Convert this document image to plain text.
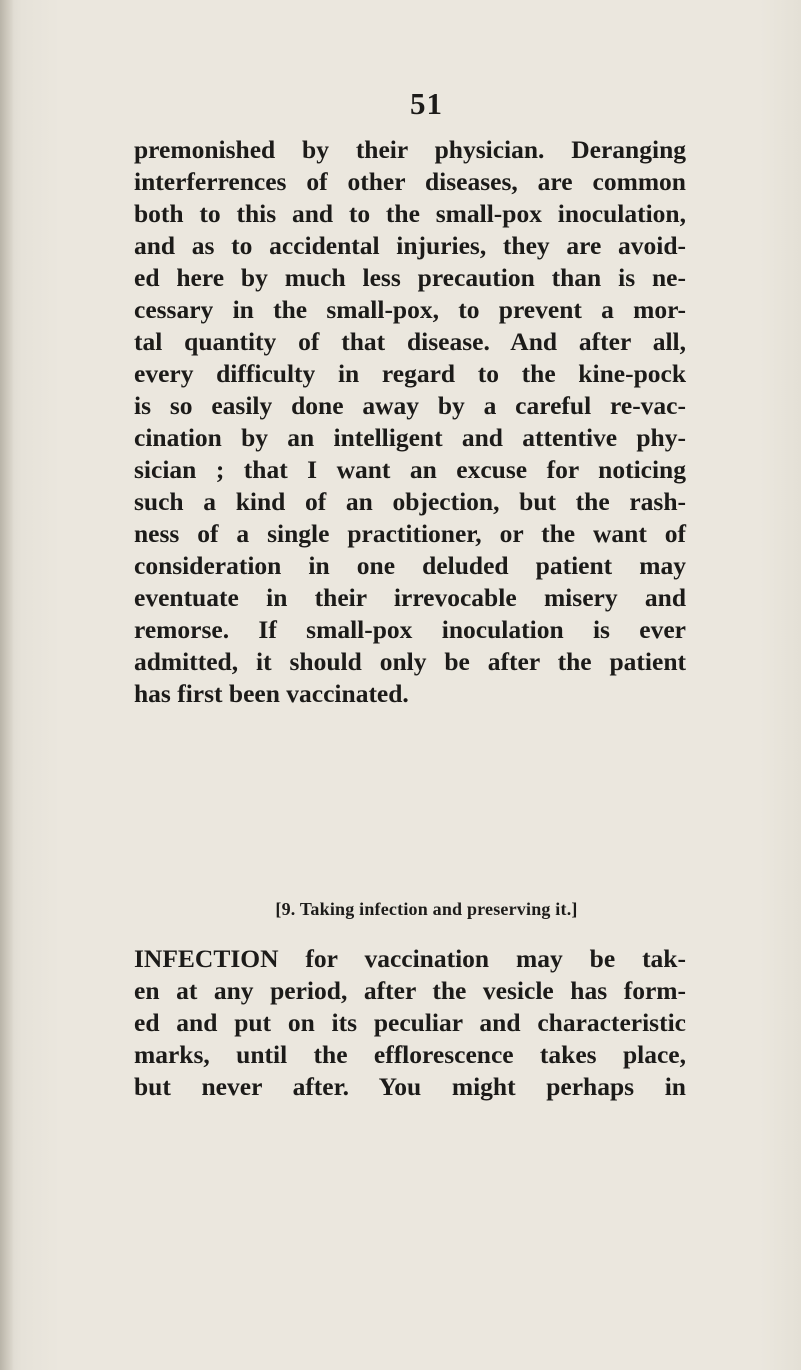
51
premonished by their physician. Deranging
interferrences of other diseases, are common
both to this and to the small-pox inoculation,
and as to accidental injuries, they are avoid-
ed here by much less precaution than is ne-
cessary in the small-pox, to prevent a mor-
tal quantity of that disease. And after all,
every difficulty in regard to the kine-pock
is so easily done away by a careful re-vac-
cination by an intelligent and attentive phy-
sician ; that I want an excuse for noticing
such a kind of an objection, but the rash-
ness of a single practitioner, or the want of
consideration in one deluded patient may
eventuate in their irrevocable misery and
remorse. If small-pox inoculation is ever
admitted, it should only be after the patient
has first been vaccinated.
[9. Taking infection and preserving it.]
INFECTION for vaccination may be tak-
en at any period, after the vesicle has form-
ed and put on its peculiar and characteristic
marks, until the efflorescence takes place,
but never after. You might perhaps in
